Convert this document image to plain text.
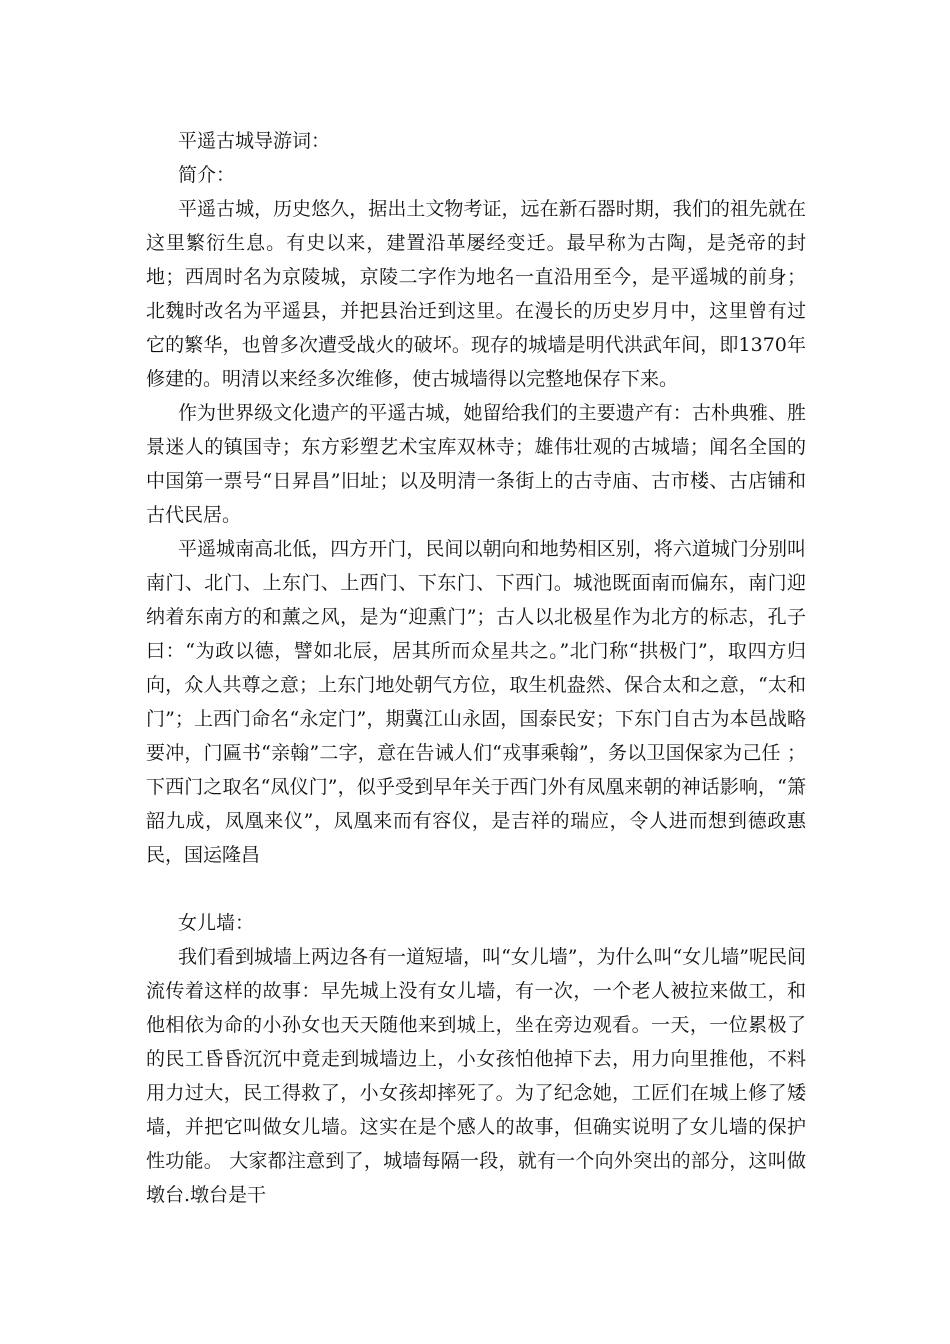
平遥古城导游词：

简介：

平遥古城，历史悠久，据出土文物考证，远在新石器时期，我们的祖先就在这里繁衍生息。有史以来，建置沿革屡经变迁。最早称为古陶，是尧帝的封地；西周时名为京陵城，京陵二字作为地名一直沿用至今，是平遥城的前身；北魏时改名为平遥县，并把县治迁到这里。在漫长的历史岁月中，这里曾有过它的繁华，也曾多次遭受战火的破坏。现存的城墙是明代洪武年间，即1370年修建的。明清以来经多次维修，使古城墙得以完整地保存下来。

作为世界级文化遗产的平遥古城，她留给我们的主要遗产有：古朴典雅、胜景迷人的镇国寺；东方彩塑艺术宝库双林寺；雄伟壮观的古城墙；闻名全国的中国第一票号“日昇昌”旧址；以及明清一条街上的古寺庙、古市楼、古店铺和古代民居。

平遥城南高北低，四方开门，民间以朝向和地势相区别，将六道城门分别叫南门、北门、上东门、上西门、下东门、下西门。城池既面南而偏东，南门迎纳着东南方的和薰之风，是为“迎熏门”；古人以北极星作为北方的标志，孔子曰：“为政以德，譬如北辰，居其所而众星共之。”北门称“拱极门”，取四方归向，众人共尊之意；上东门地处朝气方位，取生机盎然、保合太和之意，“太和门”；上西门命名“永定门”，期冀江山永固，国泰民安；下东门自古为本邑战略要冲，门匾书“亲翰”二字，意在告诫人们“戎事乘翰”，务以卫国保家为己任 ；下西门之取名“凤仪门”，似乎受到早年关于西门外有凤凰来朝的神话影响，“箫韶九成，凤凰来仪”，凤凰来而有容仪，是吉祥的瑞应，令人进而想到德政惠民，国运隆昌

女儿墙：

我们看到城墙上两边各有一道短墙，叫“女儿墙”，为什么叫“女儿墙”呢民间流传着这样的故事：早先城上没有女儿墙，有一次，一个老人被拉来做工，和他相依为命的小孙女也天天随他来到城上，坐在旁边观看。一天，一位累极了的民工昏昏沉沉中竟走到城墙边上，小女孩怕他掉下去，用力向里推他，不料用力过大，民工得救了，小女孩却摔死了。为了纪念她，工匠们在城上修了矮墙，并把它叫做女儿墙。这实在是个感人的故事，但确实说明了女儿墙的保护性功能。 大家都注意到了，城墙每隔一段，就有一个向外突出的部分，这叫做墩台.墩台是干
